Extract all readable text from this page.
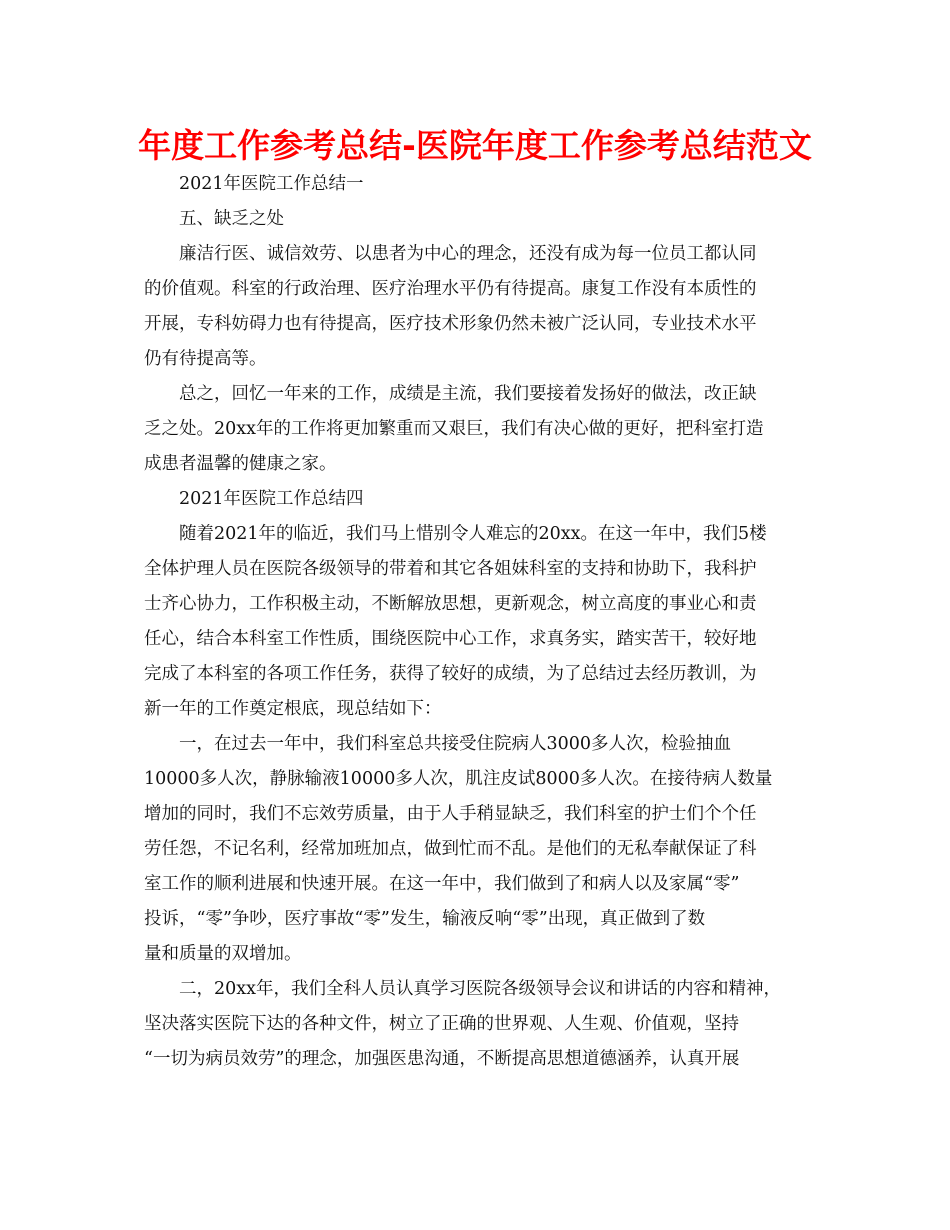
年度工作参考总结-医院年度工作参考总结范文
2021年医院工作总结一
五、缺乏之处
廉洁行医、诚信效劳、以患者为中心的理念，还没有成为每一位员工都认同
的价值观。科室的行政治理、医疗治理水平仍有待提高。康复工作没有本质性的
开展，专科妨碍力也有待提高，医疗技术形象仍然未被广泛认同，专业技术水平
仍有待提高等。
总之，回忆一年来的工作，成绩是主流，我们要接着发扬好的做法，改正缺
乏之处。20xx年的工作将更加繁重而又艰巨，我们有决心做的更好，把科室打造
成患者温馨的健康之家。
2021年医院工作总结四
随着2021年的临近，我们马上惜别令人难忘的20xx。在这一年中，我们5楼
全体护理人员在医院各级领导的带着和其它各姐妹科室的支持和协助下，我科护
士齐心协力，工作积极主动，不断解放思想，更新观念，树立高度的事业心和责
任心，结合本科室工作性质，围绕医院中心工作，求真务实，踏实苦干，较好地
完成了本科室的各项工作任务，获得了较好的成绩，为了总结过去经历教训，为
新一年的工作奠定根底，现总结如下：
一，在过去一年中，我们科室总共接受住院病人3000多人次，检验抽血
10000多人次，静脉输液10000多人次，肌注皮试8000多人次。在接待病人数量
增加的同时，我们不忘效劳质量，由于人手稍显缺乏，我们科室的护士们个个任
劳任怨，不记名利，经常加班加点，做到忙而不乱。是他们的无私奉献保证了科
室工作的顺利进展和快速开展。在这一年中，我们做到了和病人以及家属“零”
投诉，“零”争吵，医疗事故“零”发生，输液反响“零”出现，真正做到了数
量和质量的双增加。
二，20xx年，我们全科人员认真学习医院各级领导会议和讲话的内容和精神，
坚决落实医院下达的各种文件，树立了正确的世界观、人生观、价值观，坚持
“一切为病员效劳”的理念，加强医患沟通，不断提高思想道德涵养，认真开展
